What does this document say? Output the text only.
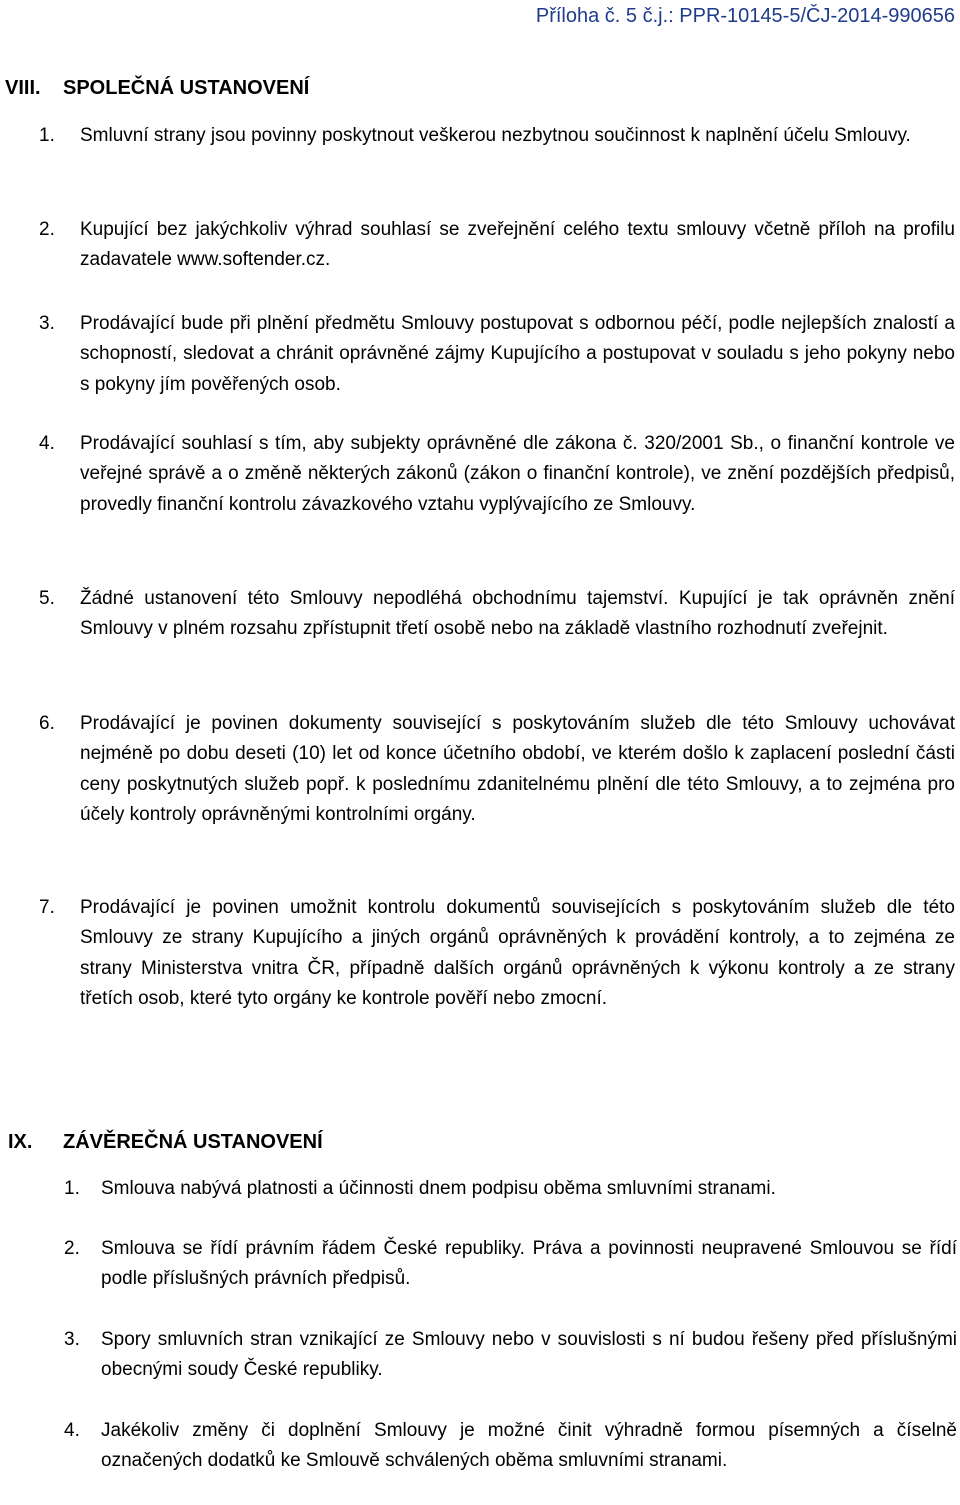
Příloha č. 5 č.j.: PPR-10145-5/ČJ-2014-990656
VIII. SPOLEČNÁ USTANOVENÍ
1. Smluvní strany jsou povinny poskytnout veškerou nezbytnou součinnost k naplnění účelu Smlouvy.
2. Kupující bez jakýchkoliv výhrad souhlasí se zveřejnění celého textu smlouvy včetně příloh na profilu zadavatele www.softender.cz.
3. Prodávající bude při plnění předmětu Smlouvy postupovat s odbornou péčí, podle nejlepších znalostí a schopností, sledovat a chránit oprávněné zájmy Kupujícího a postupovat v souladu s jeho pokyny nebo s pokyny jím pověřených osob.
4. Prodávající souhlasí s tím, aby subjekty oprávněné dle zákona č. 320/2001 Sb., o finanční kontrole ve veřejné správě a o změně některých zákonů (zákon o finanční kontrole), ve znění pozdějších předpisů, provedly finanční kontrolu závazkového vztahu vyplývajícího ze Smlouvy.
5. Žádné ustanovení této Smlouvy nepodléhá obchodnímu tajemství. Kupující je tak oprávněn znění Smlouvy v plném rozsahu zpřístupnit třetí osobě nebo na základě vlastního rozhodnutí zveřejnit.
6. Prodávající je povinen dokumenty související s poskytováním služeb dle této Smlouvy uchovávat nejméně po dobu deseti (10) let od konce účetního období, ve kterém došlo k zaplacení poslední části ceny poskytnutých služeb popř. k poslednímu zdanitelnému plnění dle této Smlouvy, a to zejména pro účely kontroly oprávněnými kontrolními orgány.
7. Prodávající je povinen umožnit kontrolu dokumentů souvisejících s poskytováním služeb dle této Smlouvy ze strany Kupujícího a jiných orgánů oprávněných k provádění kontroly, a to zejména ze strany Ministerstva vnitra ČR, případně dalších orgánů oprávněných k výkonu kontroly a ze strany třetích osob, které tyto orgány ke kontrole pověří nebo zmocní.
IX. ZÁVĚREČNÁ USTANOVENÍ
1. Smlouva nabývá platnosti a účinnosti dnem podpisu oběma smluvními stranami.
2. Smlouva se řídí právním řádem České republiky. Práva a povinnosti neupravené Smlouvou se řídí podle příslušných právních předpisů.
3. Spory smluvních stran vznikající ze Smlouvy nebo v souvislosti s ní budou řešeny před příslušnými obecnými soudy České republiky.
4. Jakékoliv změny či doplnění Smlouvy je možné činit výhradně formou písemných a číselně označených dodatků ke Smlouvě schválených oběma smluvními stranami.
